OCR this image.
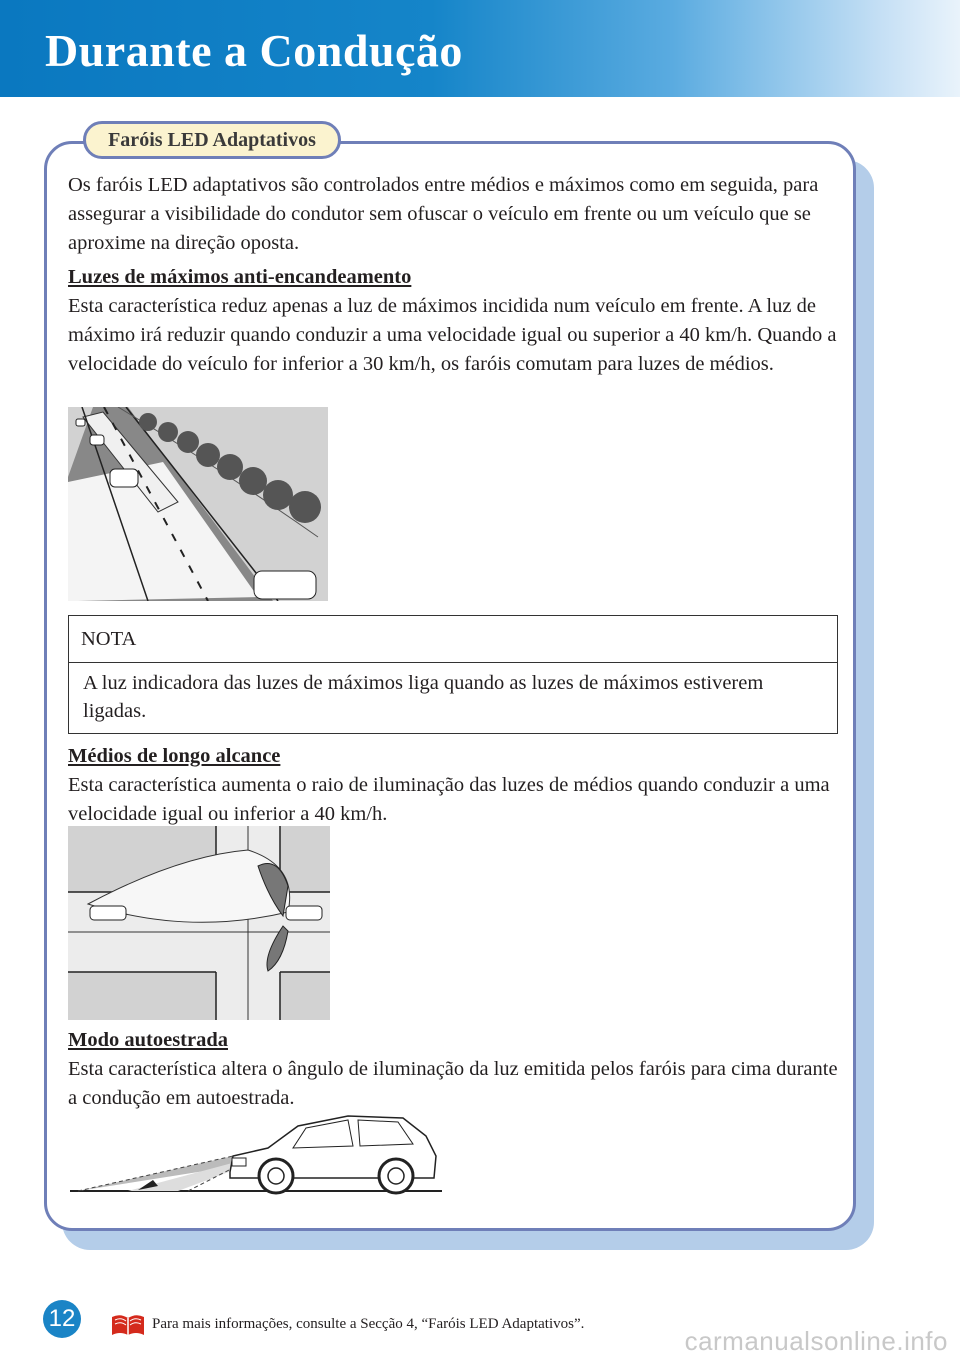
Durante a Condução
Faróis LED Adaptativos

Os faróis LED adaptativos são controlados entre médios e máximos como em seguida, para assegurar a visibilidade do condutor sem ofuscar o veículo em frente ou um veículo que se aproxime na direção oposta.

Luzes de máximos anti-encandeamento
Esta característica reduz apenas a luz de máximos incidida num veículo em frente. A luz de máximo irá reduzir quando conduzir a uma velocidade igual ou superior a 40 km/h. Quando a velocidade do veículo for inferior a 30 km/h, os faróis comutam para luzes de médios.

NOTA
A luz indicadora das luzes de máximos liga quando as luzes de máximos estiverem ligadas.

Médios de longo alcance
Esta característica aumenta o raio de iluminação das luzes de médios quando conduzir a uma velocidade igual ou inferior a 40 km/h.

Modo autoestrada
Esta característica altera o ângulo de iluminação da luz emitida pelos faróis para cima durante a condução em autoestrada.

12	Para mais informações, consulte a Secção 4, “Faróis LED Adaptativos”.
carmanualsonline.info
